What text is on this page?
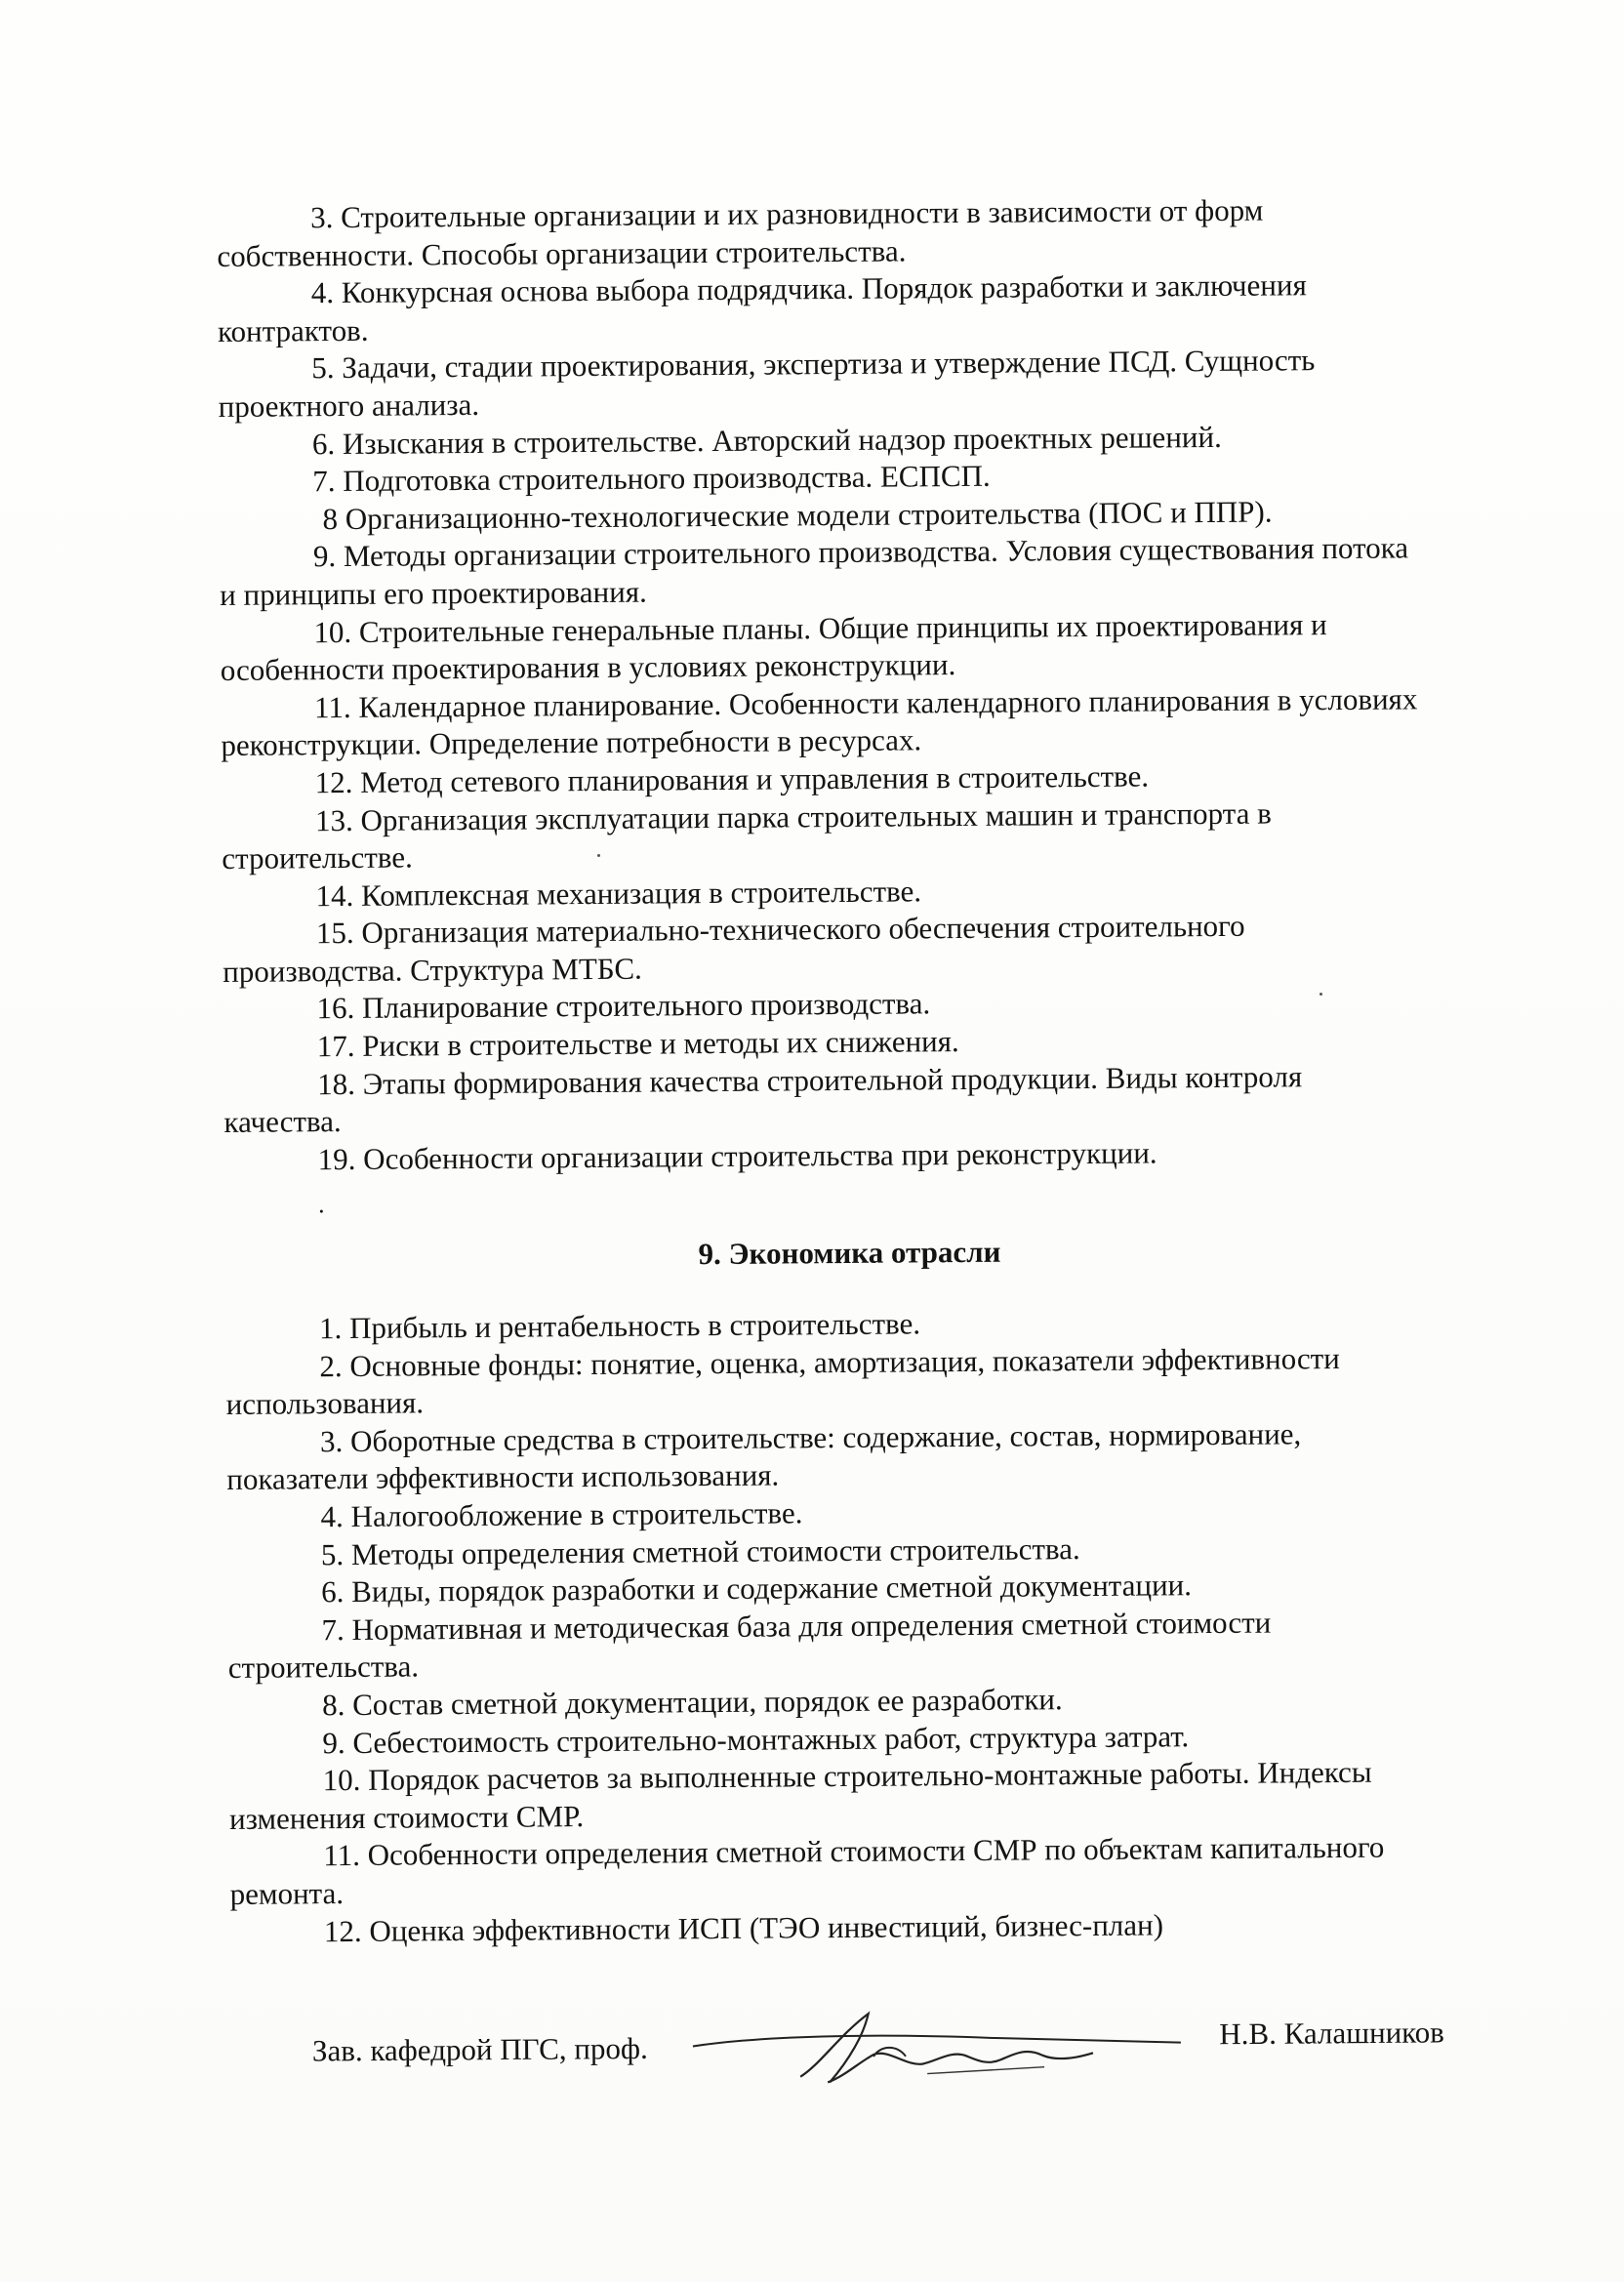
3. Строительные организации и их разновидности в зависимости от форм собственности. Способы организации строительства.

4. Конкурсная основа выбора подрядчика. Порядок разработки и заключения контрактов.

5. Задачи, стадии проектирования, экспертиза и утверждение ПСД. Сущность проектного анализа.

6. Изыскания в строительстве. Авторский надзор проектных решений.

7. Подготовка строительного производства. ЕСПСП.

8 Организационно-технологические модели строительства (ПОС и ППР).

9. Методы организации строительного производства. Условия существования потока и принципы его проектирования.

10. Строительные генеральные планы. Общие принципы их проектирования и особенности проектирования в условиях реконструкции.

11. Календарное планирование. Особенности календарного планирования в условиях реконструкции. Определение потребности в ресурсах.

12. Метод сетевого планирования и управления в строительстве.

13. Организация эксплуатации парка строительных машин и транспорта в строительстве.

14. Комплексная механизация в строительстве.

15. Организация материально-технического обеспечения строительного производства. Структура МТБС.

16. Планирование строительного производства.

17. Риски в строительстве и методы их снижения.

18. Этапы формирования качества строительной продукции. Виды контроля качества.

19. Особенности организации строительства при реконструкции.

.
9. Экономика отрасли

1. Прибыль и рентабельность в строительстве.

2. Основные фонды: понятие, оценка, амортизация, показатели эффективности использования.

3. Оборотные средства в строительстве: содержание, состав, нормирование, показатели эффективности использования.

4. Налогообложение в строительстве.

5. Методы определения сметной стоимости строительства.

6. Виды, порядок разработки и содержание сметной документации.

7. Нормативная и методическая база для определения сметной стоимости строительства.

8. Состав сметной документации, порядок ее разработки.

9. Себестоимость строительно-монтажных работ, структура затрат.

10. Порядок расчетов за выполненные строительно-монтажные работы. Индексы изменения стоимости СМР.

11. Особенности определения сметной стоимости СМР по объектам капитального ремонта.

12. Оценка эффективности ИСП (ТЭО инвестиций, бизнес-план)

Зав. кафедрой ПГС, проф.	Н.В. Калашников
